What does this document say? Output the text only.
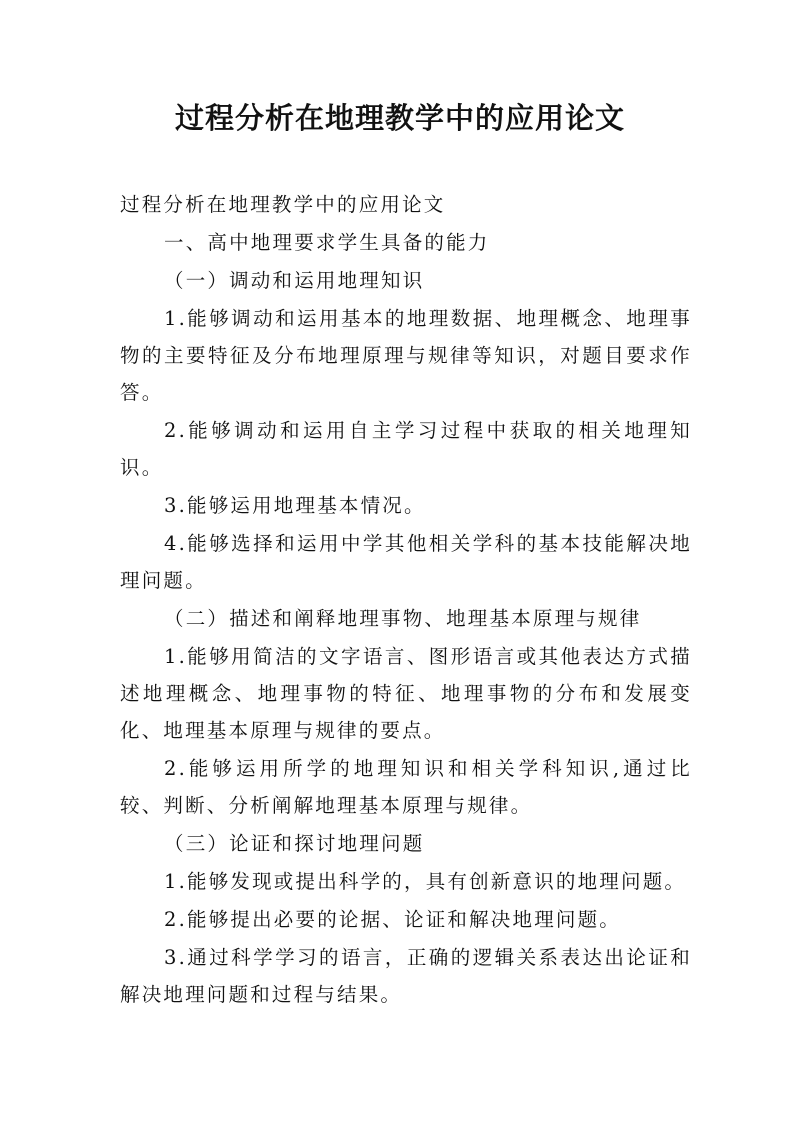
过程分析在地理教学中的应用论文

过程分析在地理教学中的应用论文

一、高中地理要求学生具备的能力

（一）调动和运用地理知识

1.能够调动和运用基本的地理数据、地理概念、地理事物的主要特征及分布地理原理与规律等知识，对题目要求作答。

2.能够调动和运用自主学习过程中获取的相关地理知识。

3.能够运用地理基本情况。

4.能够选择和运用中学其他相关学科的基本技能解决地理问题。

（二）描述和阐释地理事物、地理基本原理与规律

1.能够用简洁的文字语言、图形语言或其他表达方式描述地理概念、地理事物的特征、地理事物的分布和发展变化、地理基本原理与规律的要点。

2.能够运用所学的地理知识和相关学科知识,通过比较、判断、分析阐解地理基本原理与规律。

（三）论证和探讨地理问题

1.能够发现或提出科学的，具有创新意识的地理问题。

2.能够提出必要的论据、论证和解决地理问题。

3.通过科学学习的语言，正确的逻辑关系表达出论证和解决地理问题和过程与结果。
